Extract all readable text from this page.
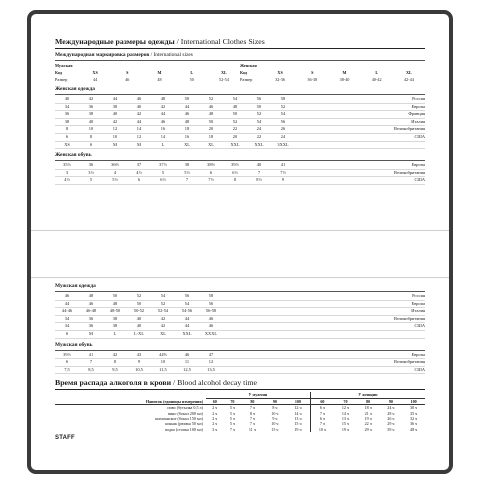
Международные размеры одежды / International Clothes Sizes
Международная маркировка размеров / International sizes
Мужская
Код	XS	S	M	L	XL
Размер	44	46	48	50	52-54
Женская
Код	XS	S	M	L	XL
Размер	32-36	36-38	38-40	40-42	42-44
Женская одежда
40	42	44	46	48	50	52	54	56	58	Россия
34	36	38	40	42	44	46	48	50	52	Европа
36	38	40	42	44	46	48	50	52	54	Франция
38	40	42	44	46	48	50	52	54	56	Италия
8	10	12	14	16	18	20	22	24	26	Великобритания
6	8	10	12	14	16	18	20	22	24	США
XS	S	M	M	L	XL	XL	XXL	XXL	3XXL
Женская обувь
35⅓	36	36⅔	37	37⅓	38	38⅔	39⅓	40	41	Европа
3	3½	4	4½	5	5½	6	6½	7	7½	Великобритания
4½	5	5½	6	6½	7	7½	8	8½	9	США
Мужская одежда
46	48	50	52	54	56	58	Россия
44	46	48	50	52	54	56	Европа
44-46	46-48	48-50	50-52	52-54	54-56	56-58	Италия
34	36	38	40	42	44	46	Великобритания
34	36	38	40	42	44	46	США
S	M	L	L-XL	XL	XXL	XXXL
Мужская обувь
39⅓	41	42	43	44⅔	46	47	Европа
6	7	8	9	10	11	12	Великобритания
7,5	8,5	9,5	10,5	11,5	12,5	13,5	США
Время распада алкоголя в крови / Blood alcohol decay time
	У мужчин					У женщин				
Напиток (единицы измерения)	60	70	80	90	100	60	70	80	90	100
пиво (бутылка 0,5 л)	2 ч	5 ч	7 ч	8 ч	12 ч	6 ч	12 ч	18 ч	24 ч	30 ч
вино (бокал 200 мл)	2 ч	5 ч	8 ч	10 ч	14 ч	7 ч	14 ч	21 ч	28 ч	35 ч
шампанское (бокал 150 мл)	2 ч	5 ч	7 ч	9 ч	13 ч	6 ч	13 ч	19 ч	26 ч	32 ч
коньяк (рюмка 50 мл)	2 ч	5 ч	7 ч	10 ч	15 ч	7 ч	15 ч	22 ч	29 ч	36 ч
водка (стопка 100 мл)	3 ч	7 ч	11 ч	15 ч	19 ч	10 ч	19 ч	29 ч	39 ч	48 ч
STAFF
